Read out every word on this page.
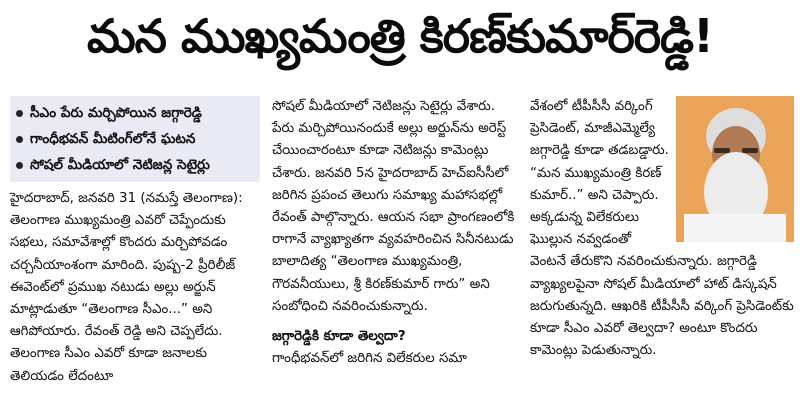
మన ముఖ్యమంత్రి కిరణ్‌కుమార్‌రెడ్డి!
సీఎం పేరు మర్చిపోయిన జగ్గారెడ్డి
గాంధీభవన్ మీటింగ్‌లోనే ఘటన
సోషల్ మీడియాలో నెటిజన్ల సెటైర్లు

హైదరాబాద్, జనవరి 31 (నమస్తే తెలంగాణ): తెలంగాణ ముఖ్యమంత్రి ఎవరో చెప్పేందుకు సభలు, సమావేశాల్లో కొందరు మర్చిపోవడం చర్చనీయాంశంగా మారింది. పుష్ప-2 ప్రీరిలీజ్ ఈవెంట్‌లో ప్రముఖ నటుడు అల్లు అర్జున్ మాట్లాడుతూ “తెలంగాణ సీఎం...” అని ఆగిపోయారు. రేవంత్ రెడ్డి అని చెప్పలేదు. తెలంగాణ సీఎం ఎవరో కూడా జనాలకు తెలియడం లేదంటూ

సోషల్ మీడియాలో నెటిజన్లు సెటైర్లు వేశారు. పేరు మర్చిపోయినందుకే అల్లు అర్జున్‌ను అరెస్ట్ చేయించారంటూ కూడా నెటిజన్లు కామెంట్లు చేశారు. జనవరి 5న హైదరాబాద్ హెచ్‌ఐసీసీలో జరిగిన ప్రపంచ తెలుగు సమాఖ్య మహాసభల్లో రేవంత్ పాల్గొన్నారు. ఆయన సభా ప్రాంగణంలోకి రాగానే వ్యాఖ్యాతగా వ్యవహరించిన సినీనటుడు బాలాదిత్య “తెలంగాణ ముఖ్యమంత్రి, గౌరవనీయులు, శ్రీ కిరణ్‌కుమార్ గారు” అని సంబోధించి నవరించుకున్నారు.

జగ్గారెడ్డికి కూడా తెల్వదా?

గాంధీభవన్‌లో జరిగిన విలేకరుల సమా

వేశంలో టీపీసీసీ వర్కింగ్ ప్రెసిడెంట్, మాజీఎమ్మెల్యే జగ్గారెడ్డి కూడా తడబడ్డారు. “మన ముఖ్యమంత్రి కిరణ్ కుమార్..” అని చెప్పారు. అక్కడున్న విలేకరులు ఘొల్లున నవ్వడంతో వెంటనే తేరుకొని నవరించుకున్నారు. జగ్గారెడ్డి వ్యాఖ్యలపైనా సోషల్ మీడియాలో హాట్ డిస్కషన్ జరుగుతున్నది. ఆఖరికి టీపీసీసీ వర్కింగ్ ప్రెసిడెంట్‌కు కూడా సీఎం ఎవరో తెల్వదా? అంటూ కొందరు కామెంట్లు పెడుతున్నారు.
